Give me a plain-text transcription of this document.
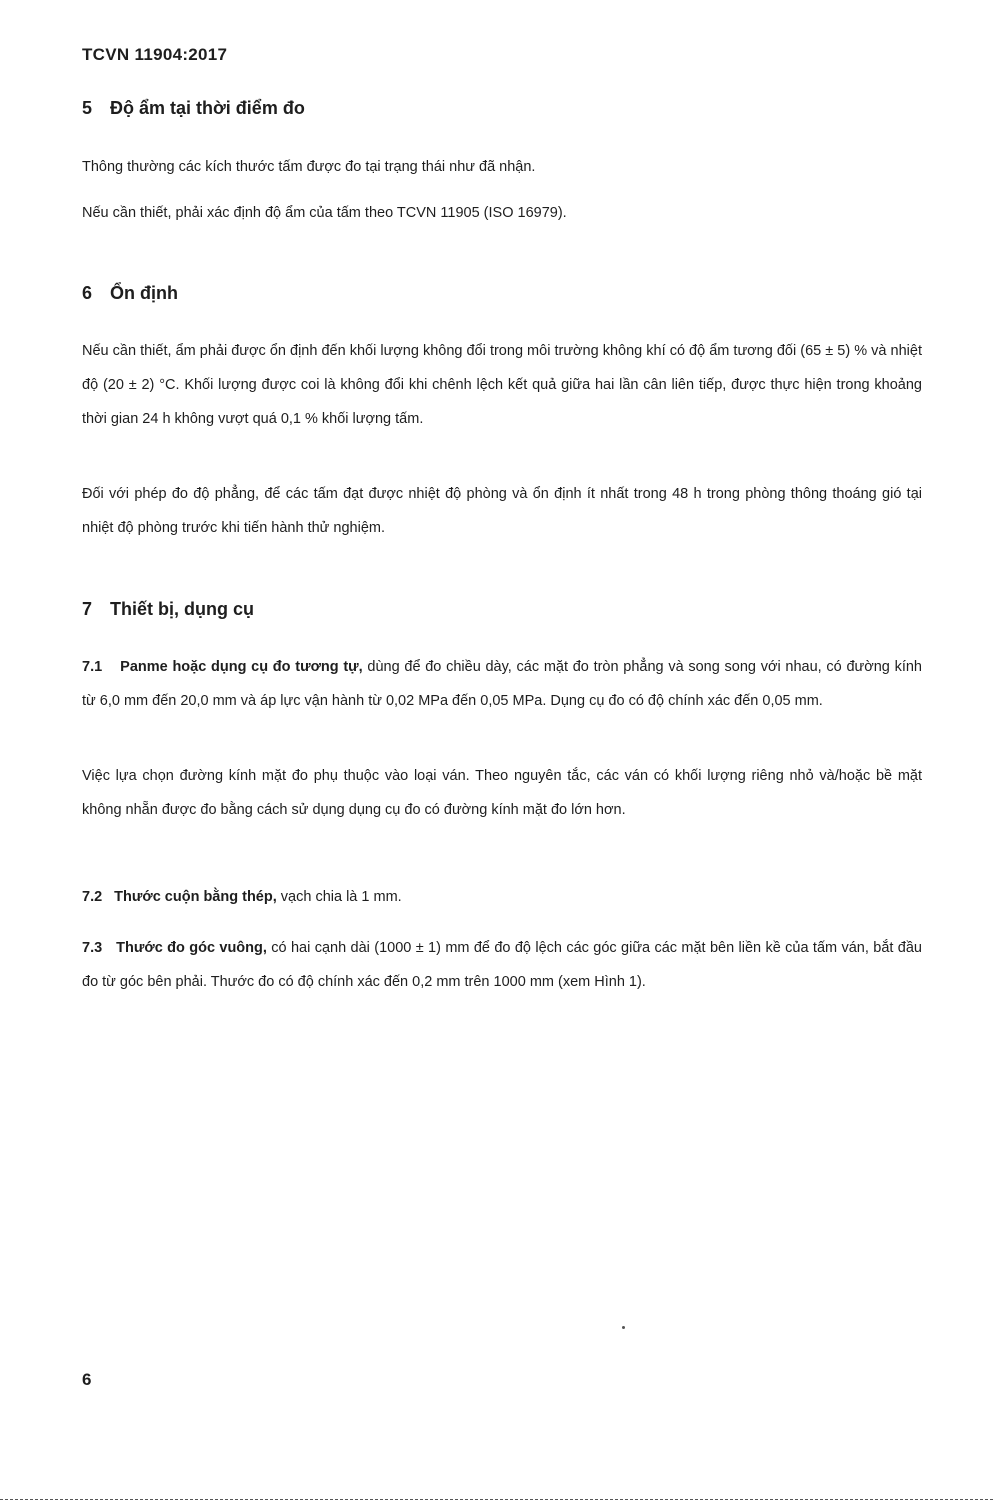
TCVN 11904:2017
5 Độ ẩm tại thời điểm đo
Thông thường các kích thước tấm được đo tại trạng thái như đã nhận.
Nếu cần thiết, phải xác định độ ẩm của tấm theo TCVN 11905 (ISO 16979).
6 Ổn định
Nếu cần thiết, ẩm phải được ổn định đến khối lượng không đổi trong môi trường không khí có độ ẩm tương đối (65 ± 5) % và nhiệt độ (20 ± 2) °C. Khối lượng được coi là không đổi khi chênh lệch kết quả giữa hai lần cân liên tiếp, được thực hiện trong khoảng thời gian 24 h không vượt quá 0,1 % khối lượng tấm.
Đối với phép đo độ phẳng, để các tấm đạt được nhiệt độ phòng và ổn định ít nhất trong 48 h trong phòng thông thoáng gió tại nhiệt độ phòng trước khi tiến hành thử nghiệm.
7 Thiết bị, dụng cụ
7.1 Panme hoặc dụng cụ đo tương tự, dùng để đo chiều dày, các mặt đo tròn phẳng và song song với nhau, có đường kính từ 6,0 mm đến 20,0 mm và áp lực vận hành từ 0,02 MPa đến 0,05 MPa. Dụng cụ đo có độ chính xác đến 0,05 mm.
Việc lựa chọn đường kính mặt đo phụ thuộc vào loại ván. Theo nguyên tắc, các ván có khối lượng riêng nhỏ và/hoặc bề mặt không nhẵn được đo bằng cách sử dụng dụng cụ đo có đường kính mặt đo lớn hơn.
7.2 Thước cuộn bằng thép, vạch chia là 1 mm.
7.3 Thước đo góc vuông, có hai cạnh dài (1000 ± 1) mm để đo độ lệch các góc giữa các mặt bên liền kề của tấm ván, bắt đầu đo từ góc bên phải. Thước đo có độ chính xác đến 0,2 mm trên 1000 mm (xem Hình 1).
6
